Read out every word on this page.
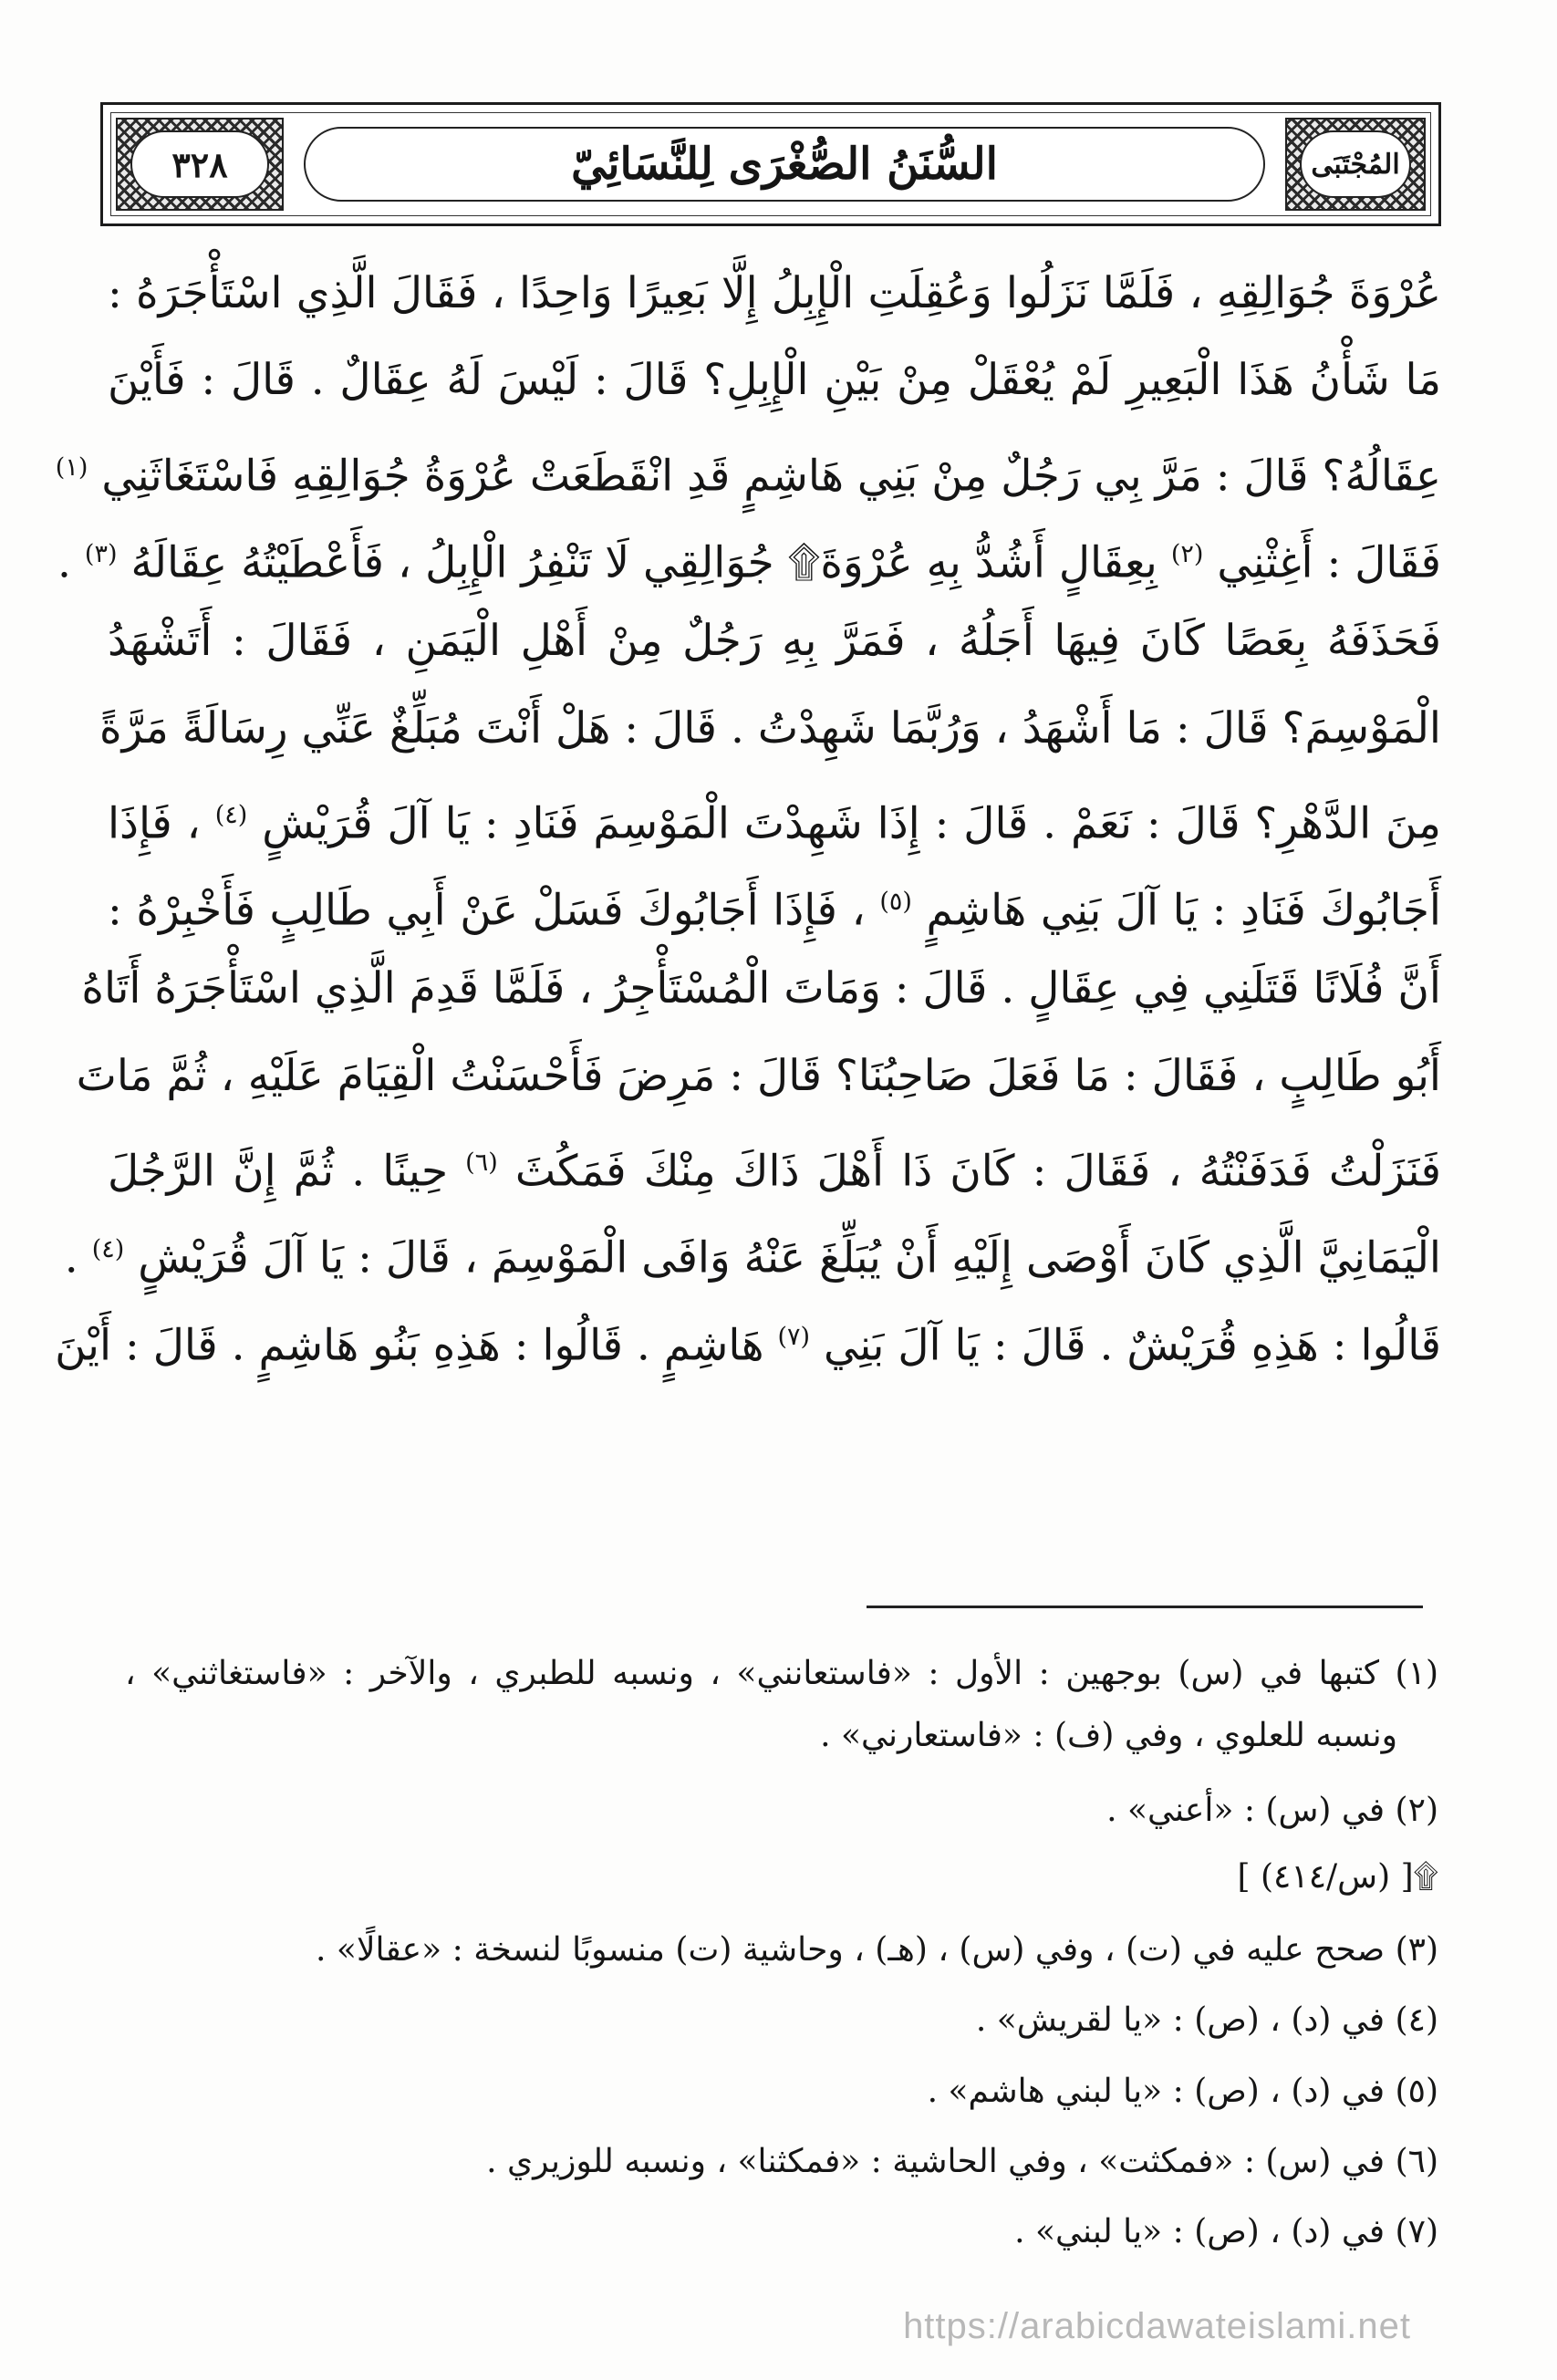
٣٢٨	السُّنَنُ الصُّغْرَى لِلنَّسَائِيّ	المُجْتَبَى
عُرْوَةَ جُوَالِقِهِ ، فَلَمَّا نَزَلُوا وَعُقِلَتِ الْإِبِلُ إِلَّا بَعِيرًا وَاحِدًا ، فَقَالَ الَّذِي اسْتَأْجَرَهُ :
مَا شَأْنُ هَذَا الْبَعِيرِ لَمْ يُعْقَلْ مِنْ بَيْنِ الْإِبِلِ؟ قَالَ : لَيْسَ لَهُ عِقَالٌ . قَالَ : فَأَيْنَ
عِقَالُهُ؟ قَالَ : مَرَّ بِي رَجُلٌ مِنْ بَنِي هَاشِمٍ قَدِ انْقَطَعَتْ عُرْوَةُ جُوَالِقِهِ فَاسْتَغَاثَنِي $^{(١)}$
فَقَالَ : أَغِثْنِي $^{(٢)}$ بِعِقَالٍ أَشُدُّ بِهِ عُرْوَةَ۩ جُوَالِقِي لَا تَنْفِرُ الْإِبِلُ ، فَأَعْطَيْتُهُ عِقَالَهُ $^{(٣)}$ .
فَحَذَفَهُ بِعَصًا كَانَ فِيهَا أَجَلُهُ ، فَمَرَّ بِهِ رَجُلٌ مِنْ أَهْلِ الْيَمَنِ ، فَقَالَ : أَتَشْهَدُ
الْمَوْسِمَ؟ قَالَ : مَا أَشْهَدُ ، وَرُبَّمَا شَهِدْتُ . قَالَ : هَلْ أَنْتَ مُبَلِّغٌ عَنِّي رِسَالَةً مَرَّةً
مِنَ الدَّهْرِ؟ قَالَ : نَعَمْ . قَالَ : إِذَا شَهِدْتَ الْمَوْسِمَ فَنَادِ : يَا آلَ قُرَيْشٍ $^{(٤)}$ ، فَإِذَا
أَجَابُوكَ فَنَادِ : يَا آلَ بَنِي هَاشِمٍ $^{(٥)}$ ، فَإِذَا أَجَابُوكَ فَسَلْ عَنْ أَبِي طَالِبٍ فَأَخْبِرْهُ :
أَنَّ فُلَانًا قَتَلَنِي فِي عِقَالٍ . قَالَ : وَمَاتَ الْمُسْتَأْجِرُ ، فَلَمَّا قَدِمَ الَّذِي اسْتَأْجَرَهُ أَتَاهُ
أَبُو طَالِبٍ ، فَقَالَ : مَا فَعَلَ صَاحِبُنَا؟ قَالَ : مَرِضَ فَأَحْسَنْتُ الْقِيَامَ عَلَيْهِ ، ثُمَّ مَاتَ
فَنَزَلْتُ فَدَفَنْتُهُ ، فَقَالَ : كَانَ ذَا أَهْلَ ذَاكَ مِنْكَ فَمَكُثَ $^{(٦)}$ حِينًا . ثُمَّ إِنَّ الرَّجُلَ
الْيَمَانِيَّ الَّذِي كَانَ أَوْصَى إِلَيْهِ أَنْ يُبَلِّغَ عَنْهُ وَافَى الْمَوْسِمَ ، قَالَ : يَا آلَ قُرَيْشٍ $^{(٤)}$ .
قَالُوا : هَذِهِ قُرَيْشٌ . قَالَ : يَا آلَ بَنِي $^{(٧)}$ هَاشِمٍ . قَالُوا : هَذِهِ بَنُو هَاشِمٍ . قَالَ : أَيْنَ
(١) كتبها في (س) بوجهين : الأول : «فاستعانني» ، ونسبه للطبري ، والآخر : «فاستغاثني» ،
ونسبه للعلوي ، وفي (ف) : «فاستعارني» .
(٢) في (س) : «أعني» .
۩[ (س/٤١٤) ]
(٣) صحح عليه في (ت) ، وفي (س) ، (هـ) ، وحاشية (ت) منسوبًا لنسخة : «عقالًا» .
(٤) في (د) ، (ص) : «يا لقريش» .
(٥) في (د) ، (ص) : «يا لبني هاشم» .
(٦) في (س) : «فمكثت» ، وفي الحاشية : «فمكثنا» ، ونسبه للوزيري .
(٧) في (د) ، (ص) : «يا لبني» .
https://arabicdawateislami.net
